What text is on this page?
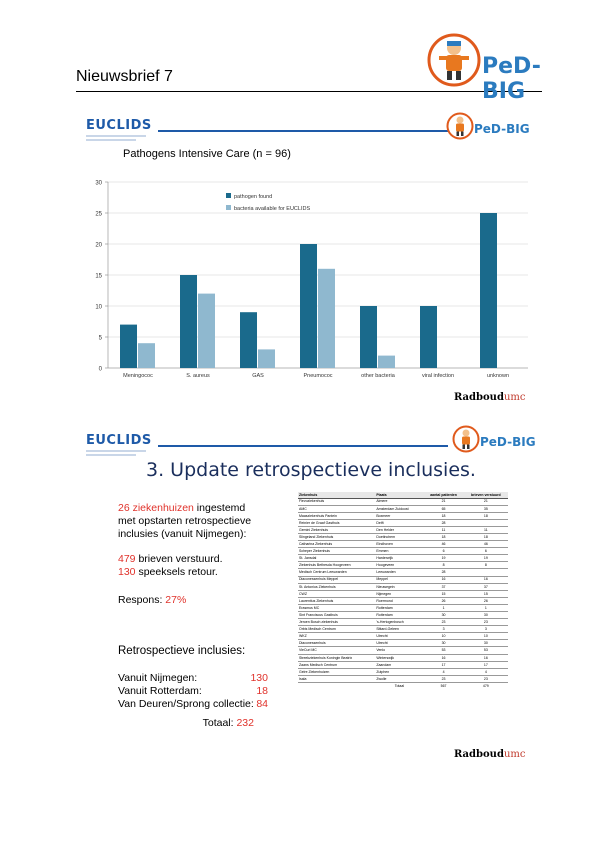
Nieuwsbrief 7	PeD-BIG
EUCLIDS	PeD-BIG
Pathogens Intensive Care (n = 96)
0
5
10
15
20
25
30
Meningococ	S. aureus	GAS	Pneumococ	other bacteria	viral infection	unknown
pathogen found
bacteria available for EUCLIDS
Radboudumc
EUCLIDS	PeD-BIG
3. Update retrospectieve inclusies.
26 ziekenhuizen ingestemd
met opstarten retrospectieve
inclusies (vanuit Nijmegen):
479 brieven verstuurd.
130 speeksels retour.
Respons: 27%
Retrospectieve inclusies:
Vanuit Nijmegen:	130
Vanuit Rotterdam:	18
Van Deuren/Sprong collectie: 84
Totaal: 232
Ziekenhuis	Plaats	aantal patienten	brieven verstuurd
Flevoziekenhuis	Almere	21	21
AMC	Amsterdam Zuidoost	65	35
Maasziekenhuis Pantein	Boxmeer	18	18
Reinier de Graaf Gasthuis	Delft	28	
Gemini Ziekenhuis	Den Helder	11	11
Slingeland Ziekenhuis	Doetinchem	18	18
Catharina Ziekenhuis	Eindhoven	46	46
Scheper Ziekenhuis	Emmen	6	6
St. Jansdal	Harderwijk	19	19
Ziekenhuis Bethesda Hoogeveen	Hoogeveen	8	8
Medisch Centrum Leeuwarden	Leeuwarden	28	
Diaconessenhuis Meppel	Meppel	16	16
St. Antonius Ziekenhuis	Nieuwegein	37	37
CWZ	Nijmegen	15	15
Laurentius Ziekenhuis	Roermond	26	26
Erasmus MC	Rotterdam	1	1
Sint Franciscus Gasthuis	Rotterdam	30	30
Jeroen Bosch ziekenhuis	's-Hertogenbosch	23	23
Orbis Medisch Centrum	Sittard-Geleen	3	3
WKZ	Utrecht	10	10
Diaconessenhuis	Utrecht	30	30
VieCuri MC	Venlo	53	53
Streekziekenhuis Koningin Beatrix	Winterswijk	16	16
Zaans Medisch Centrum	Zaandam	17	17
Gelre Ziekenhuizen	Zutphen	4	4
Isala	Zwolle	23	23
	Totaal	567	479
Radboudumc
